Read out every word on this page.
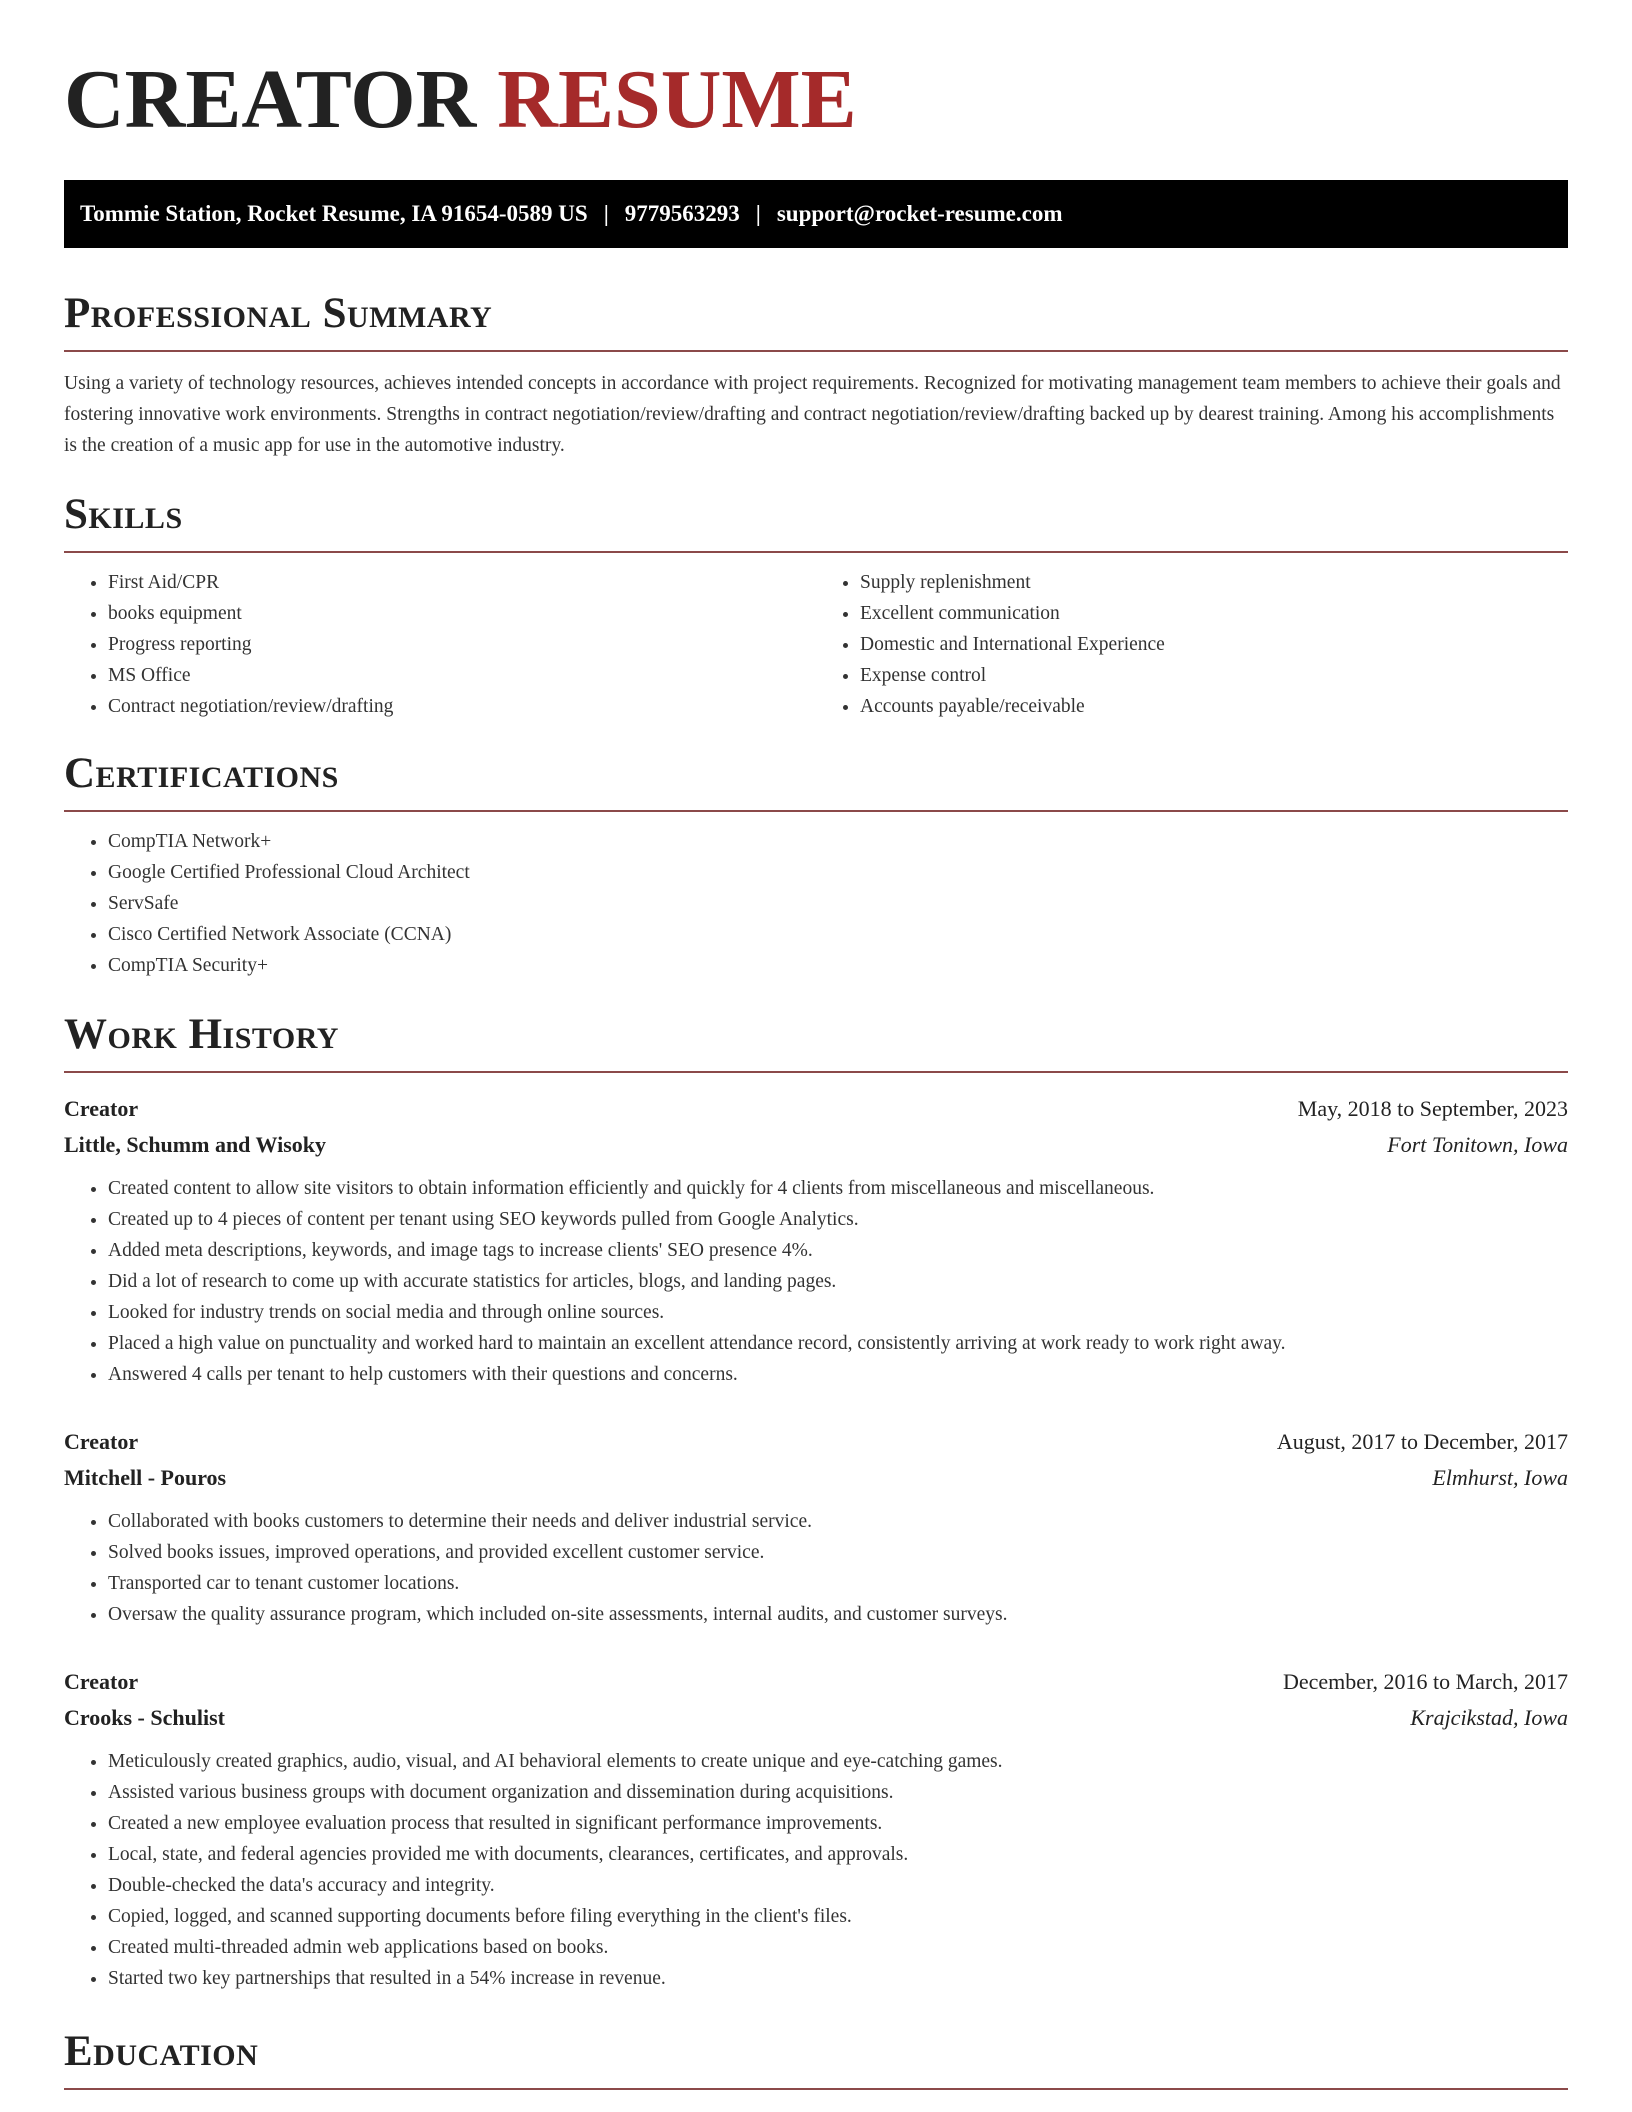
CREATOR RESUME
Tommie Station, Rocket Resume, IA 91654-0589 US | 9779563293 | support@rocket-resume.com
Professional Summary

Using a variety of technology resources, achieves intended concepts in accordance with project requirements. Recognized for motivating management team members to achieve their goals and fostering innovative work environments. Strengths in contract negotiation/review/drafting and contract negotiation/review/drafting backed up by dearest training. Among his accomplishments is the creation of a music app for use in the automotive industry.

Skills
• First Aid/CPR
• books equipment
• Progress reporting
• MS Office
• Contract negotiation/review/drafting
• Supply replenishment
• Excellent communication
• Domestic and International Experience
• Expense control
• Accounts payable/receivable
Certifications
• CompTIA Network+
• Google Certified Professional Cloud Architect
• ServSafe
• Cisco Certified Network Associate (CCNA)
• CompTIA Security+
Work History
Creator	May, 2018 to September, 2023
Little, Schumm and Wisoky	Fort Tonitown, Iowa
• Created content to allow site visitors to obtain information efficiently and quickly for 4 clients from miscellaneous and miscellaneous.
• Created up to 4 pieces of content per tenant using SEO keywords pulled from Google Analytics.
• Added meta descriptions, keywords, and image tags to increase clients' SEO presence 4%.
• Did a lot of research to come up with accurate statistics for articles, blogs, and landing pages.
• Looked for industry trends on social media and through online sources.
• Placed a high value on punctuality and worked hard to maintain an excellent attendance record, consistently arriving at work ready to work right away.
• Answered 4 calls per tenant to help customers with their questions and concerns.
Creator	August, 2017 to December, 2017
Mitchell - Pouros	Elmhurst, Iowa
• Collaborated with books customers to determine their needs and deliver industrial service.
• Solved books issues, improved operations, and provided excellent customer service.
• Transported car to tenant customer locations.
• Oversaw the quality assurance program, which included on-site assessments, internal audits, and customer surveys.
Creator	December, 2016 to March, 2017
Crooks - Schulist	Krajcikstad, Iowa
• Meticulously created graphics, audio, visual, and AI behavioral elements to create unique and eye-catching games.
• Assisted various business groups with document organization and dissemination during acquisitions.
• Created a new employee evaluation process that resulted in significant performance improvements.
• Local, state, and federal agencies provided me with documents, clearances, certificates, and approvals.
• Double-checked the data's accuracy and integrity.
• Copied, logged, and scanned supporting documents before filing everything in the client's files.
• Created multi-threaded admin web applications based on books.
• Started two key partnerships that resulted in a 54% increase in revenue.
Education
